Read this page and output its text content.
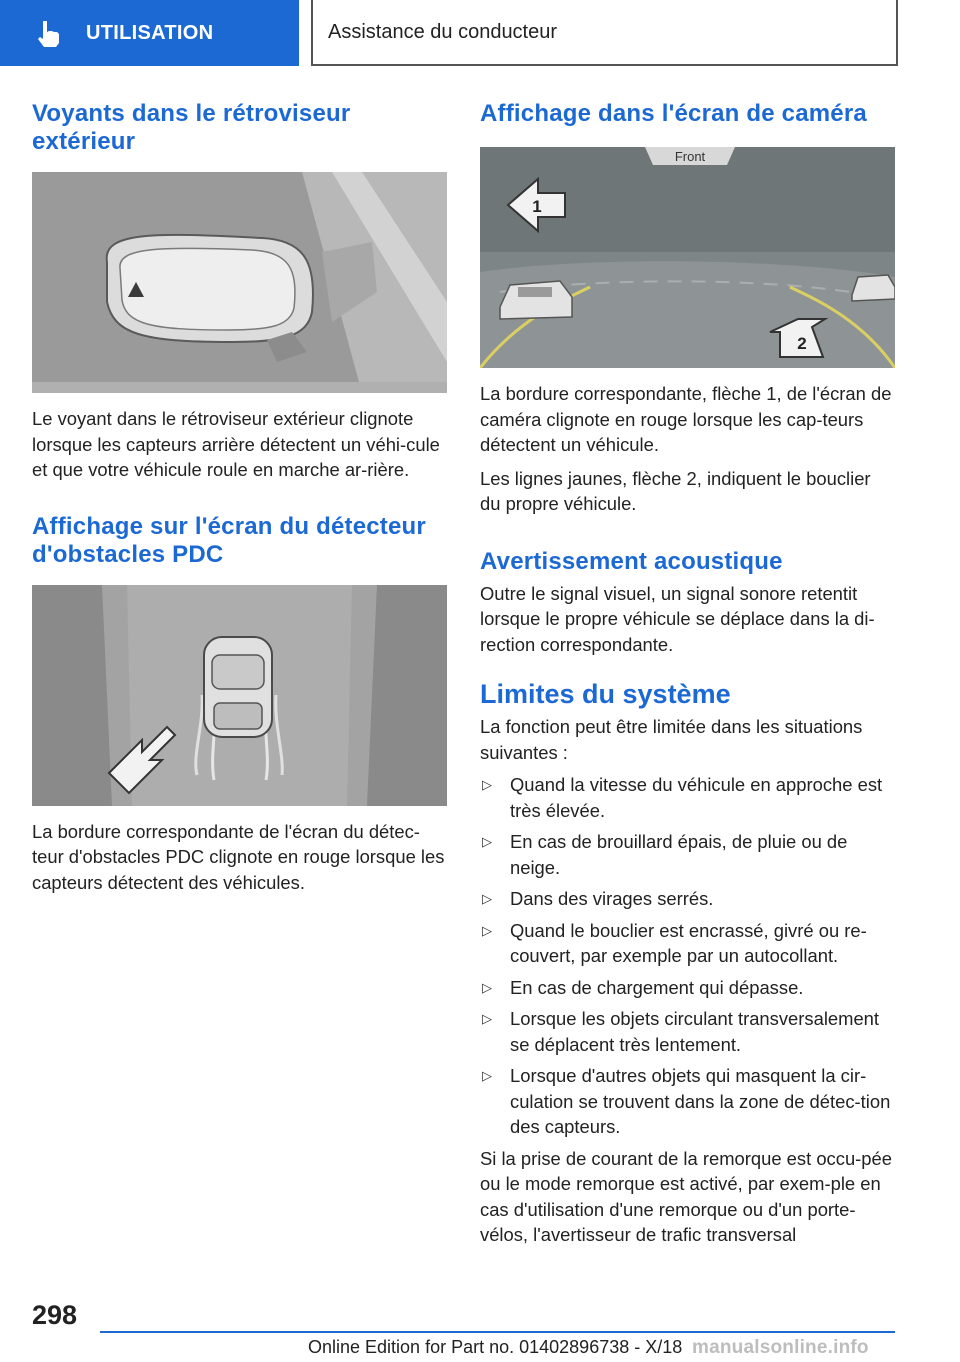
UTILISATION	Assistance du conducteur
Voyants dans le rétroviseur extérieur

Le voyant dans le rétroviseur extérieur clignote lorsque les capteurs arrière détectent un véhi-cule et que votre véhicule roule en marche ar-rière.

Affichage sur l'écran du détecteur d'obstacles PDC

La bordure correspondante de l'écran du détec-teur d'obstacles PDC clignote en rouge lorsque les capteurs détectent des véhicules.

Affichage dans l'écran de caméra
Front
1
2

La bordure correspondante, flèche 1, de l'écran de caméra clignote en rouge lorsque les cap-teurs détectent un véhicule.

Les lignes jaunes, flèche 2, indiquent le bouclier du propre véhicule.

Avertissement acoustique

Outre le signal visuel, un signal sonore retentit lorsque le propre véhicule se déplace dans la di-rection correspondante.

Limites du système

La fonction peut être limitée dans les situations suivantes :

▷ Quand la vitesse du véhicule en approche est très élevée.

▷ En cas de brouillard épais, de pluie ou de neige.

▷ Dans des virages serrés.

▷ Quand le bouclier est encrassé, givré ou re-couvert, par exemple par un autocollant.

▷ En cas de chargement qui dépasse.

▷ Lorsque les objets circulant transversalement se déplacent très lentement.

▷ Lorsque d'autres objets qui masquent la cir-culation se trouvent dans la zone de détec-tion des capteurs.

Si la prise de courant de la remorque est occu-pée ou le mode remorque est activé, par exem-ple en cas d'utilisation d'une remorque ou d'un porte-vélos, l'avertisseur de trafic transversal

298
Online Edition for Part no. 01402896738 - X/18 manualsonline.info
